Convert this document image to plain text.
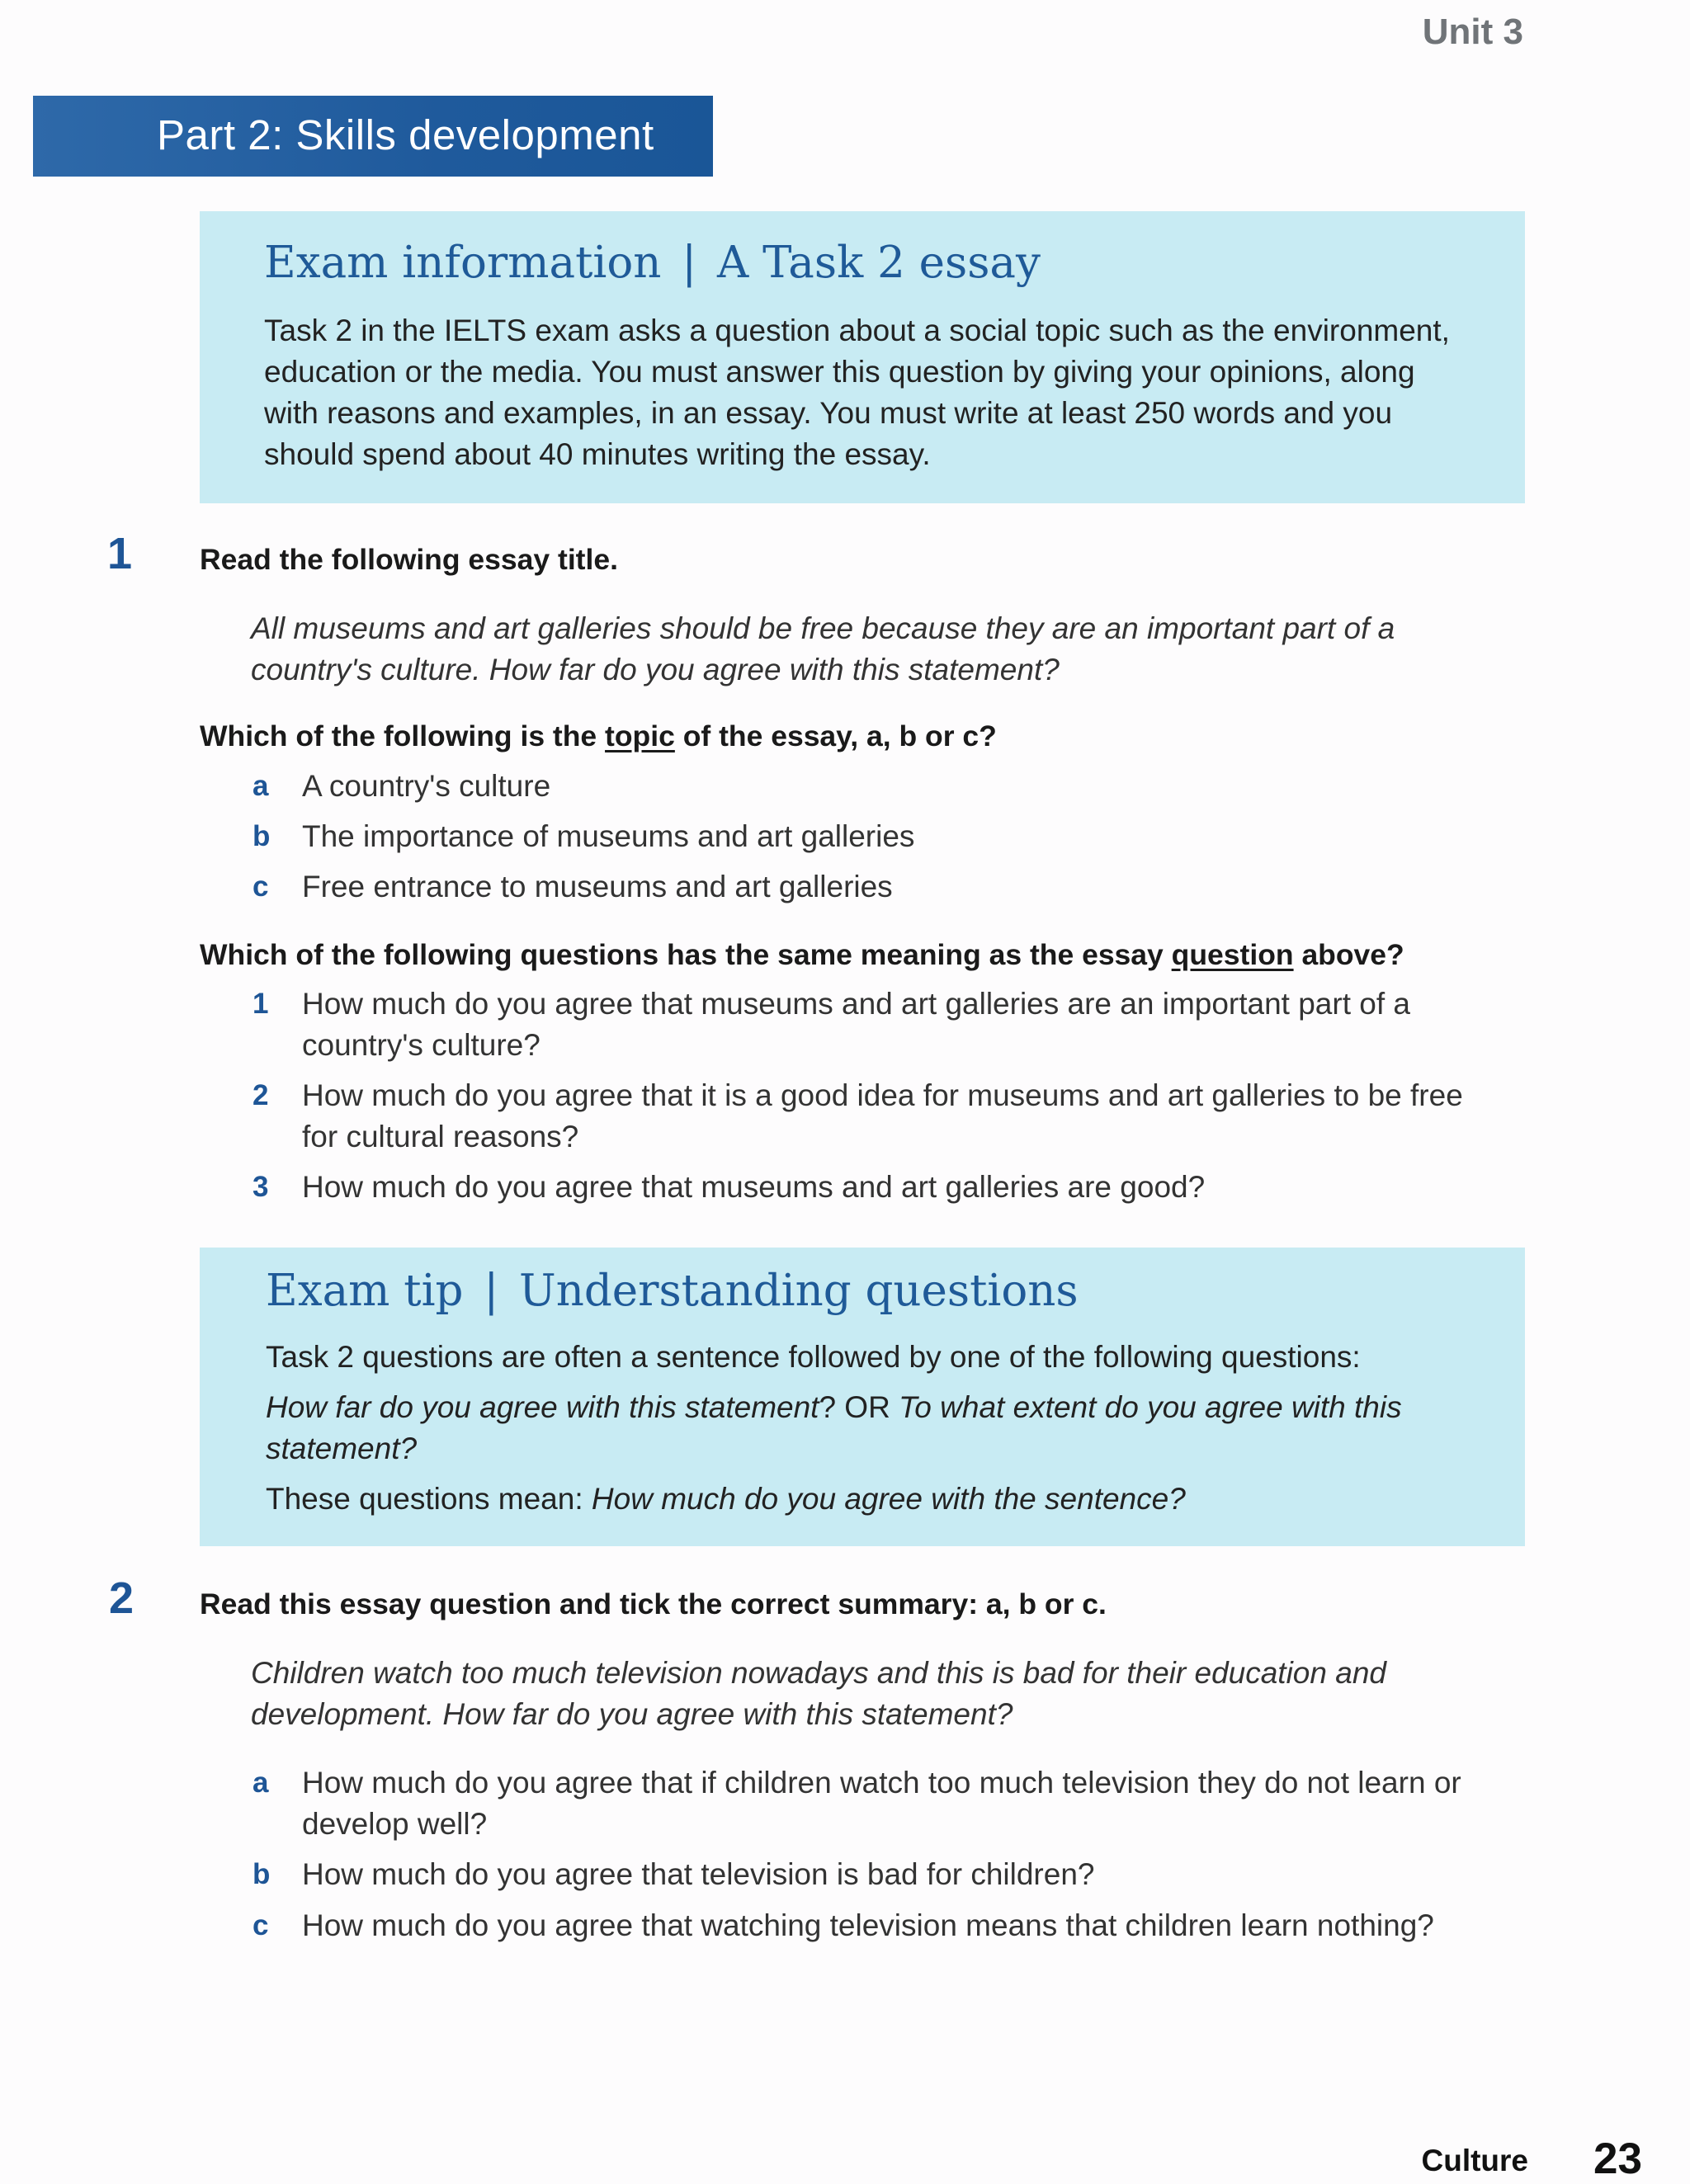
Unit 3
Part 2: Skills development
Exam information | A Task 2 essay
Task 2 in the IELTS exam asks a question about a social topic such as the environment,
education or the media. You must answer this question by giving your opinions, along
with reasons and examples, in an essay. You must write at least 250 words and you
should spend about 40 minutes writing the essay.
1 Read the following essay title.
All museums and art galleries should be free because they are an important part of a
country's culture. How far do you agree with this statement?
Which of the following is the topic of the essay, a, b or c?
a A country's culture
b The importance of museums and art galleries
c Free entrance to museums and art galleries
Which of the following questions has the same meaning as the essay question above?
1 How much do you agree that museums and art galleries are an important part of a
country's culture?
2 How much do you agree that it is a good idea for museums and art galleries to be free
for cultural reasons?
3 How much do you agree that museums and art galleries are good?
Exam tip | Understanding questions
Task 2 questions are often a sentence followed by one of the following questions:
How far do you agree with this statement? OR To what extent do you agree with this
statement?
These questions mean: How much do you agree with the sentence?
2 Read this essay question and tick the correct summary: a, b or c.
Children watch too much television nowadays and this is bad for their education and
development. How far do you agree with this statement?
a How much do you agree that if children watch too much television they do not learn or
develop well?
b How much do you agree that television is bad for children?
c How much do you agree that watching television means that children learn nothing?
Culture 23
